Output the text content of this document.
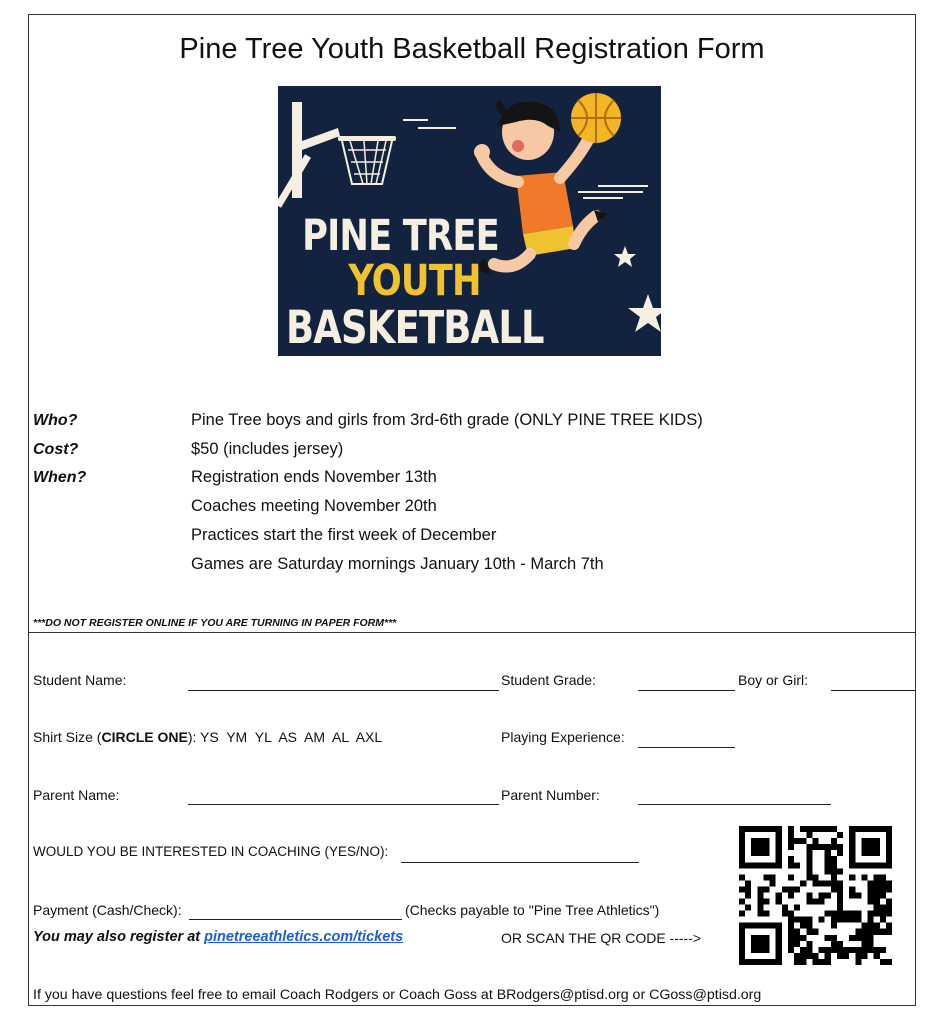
Pine Tree Youth Basketball Registration Form
PINE TREE
YOUTH
BASKETBALL
Who?	Pine Tree boys and girls from 3rd-6th grade (ONLY PINE TREE KIDS)
Cost?	$50 (includes jersey)
When?	Registration ends November 13th
Coaches meeting November 20th
Practices start the first week of December
Games are Saturday mornings January 10th - March 7th
***DO NOT REGISTER ONLINE IF YOU ARE TURNING IN PAPER FORM***
Student Name:	Student Grade:	Boy or Girl:
Shirt Size (CIRCLE ONE): YS  YM  YL  AS  AM  AL  AXL	Playing Experience:
Parent Name:	Parent Number:
WOULD YOU BE INTERESTED IN COACHING (YES/NO):
Payment (Cash/Check):	(Checks payable to "Pine Tree Athletics")
You may also register at pinetreeathletics.com/tickets	OR SCAN THE QR CODE ----->
If you have questions feel free to email Coach Rodgers or Coach Goss at BRodgers@ptisd.org or CGoss@ptisd.org
